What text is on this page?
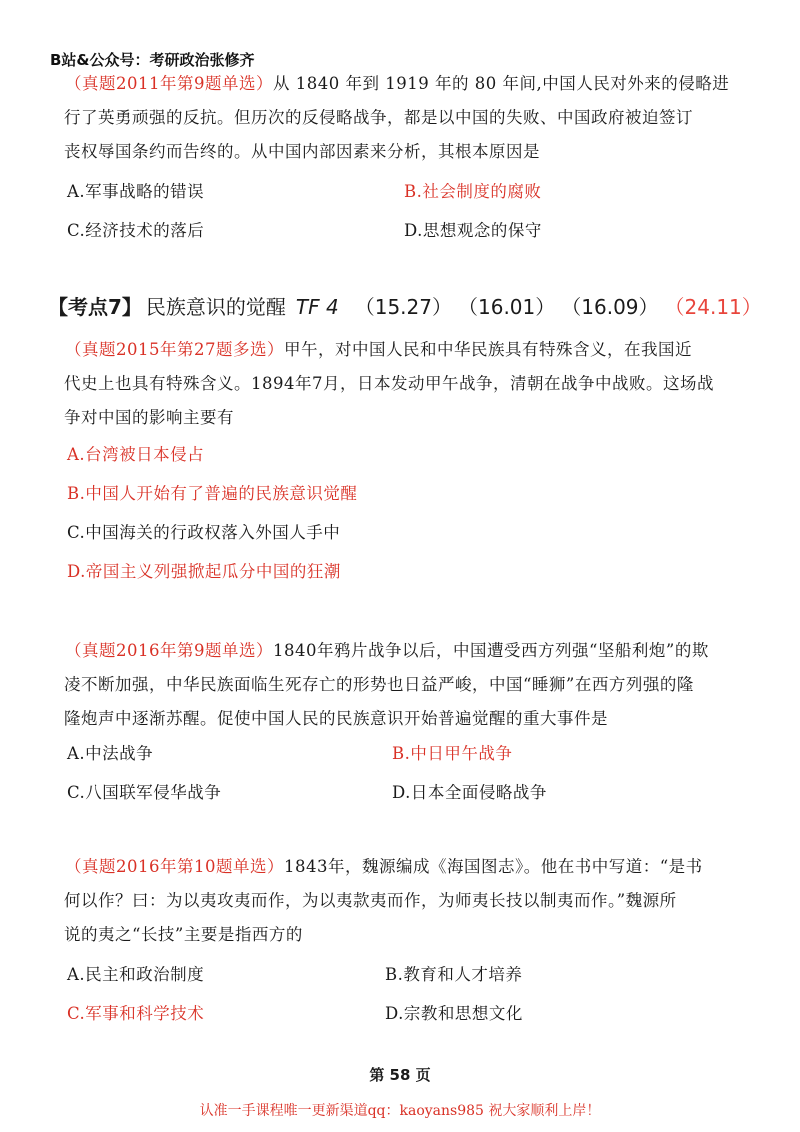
B站&公众号：考研政治张修齐

（真题2011年第9题单选）从 1840 年到 1919 年的 80 年间,中国人民对外来的侵略进

行了英勇顽强的反抗。但历次的反侵略战争，都是以中国的失败、中国政府被迫签订

丧权辱国条约而告终的。从中国内部因素来分析，其根本原因是

A.军事战略的错误	B.社会制度的腐败
C.经济技术的落后	D.思想观念的保守
【考点7】 民族意识的觉醒 TF 4 （15.27） （16.01） （16.09） （24.11）

（真题2015年第27题多选）甲午，对中国人民和中华民族具有特殊含义，在我国近

代史上也具有特殊含义。1894年7月，日本发动甲午战争，清朝在战争中战败。这场战

争对中国的影响主要有

A.台湾被日本侵占
B.中国人开始有了普遍的民族意识觉醒
C.中国海关的行政权落入外国人手中
D.帝国主义列强掀起瓜分中国的狂潮

（真题2016年第9题单选）1840年鸦片战争以后，中国遭受西方列强“坚船利炮”的欺

凌不断加强，中华民族面临生死存亡的形势也日益严峻，中国“睡狮”在西方列强的隆

隆炮声中逐渐苏醒。促使中国人民的民族意识开始普遍觉醒的重大事件是

A.中法战争	B.中日甲午战争
C.八国联军侵华战争	D.日本全面侵略战争

（真题2016年第10题单选）1843年，魏源编成《海国图志》。他在书中写道：“是书

何以作？曰：为以夷攻夷而作，为以夷款夷而作，为师夷长技以制夷而作。”魏源所

说的夷之“长技”主要是指西方的

A.民主和政治制度	B.教育和人才培养
C.军事和科学技术	D.宗教和思想文化
第 58 页
认准一手课程唯一更新渠道qq：kaoyans985 祝大家顺利上岸！
